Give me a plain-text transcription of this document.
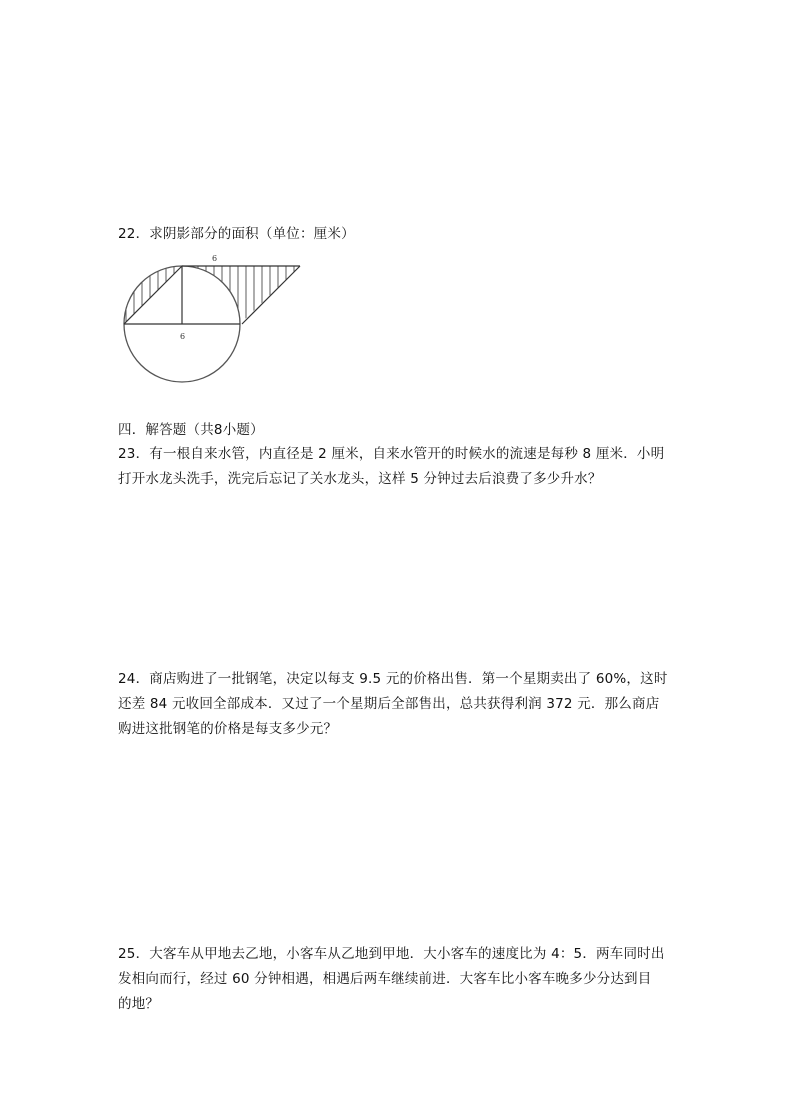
22．求阴影部分的面积（单位：厘米）
6
6
四．解答题（共8小题）
23．有一根自来水管，内直径是 2 厘米，自来水管开的时候水的流速是每秒 8 厘米．小明
打开水龙头洗手，洗完后忘记了关水龙头，这样 5 分钟过去后浪费了多少升水？
24．商店购进了一批钢笔，决定以每支 9.5 元的价格出售．第一个星期卖出了 60%，这时
还差 84 元收回全部成本．又过了一个星期后全部售出，总共获得利润 372 元．那么商店
购进这批钢笔的价格是每支多少元？
25．大客车从甲地去乙地，小客车从乙地到甲地．大小客车的速度比为 4：5．两车同时出
发相向而行，经过 60 分钟相遇，相遇后两车继续前进．大客车比小客车晚多少分达到目
的地？
